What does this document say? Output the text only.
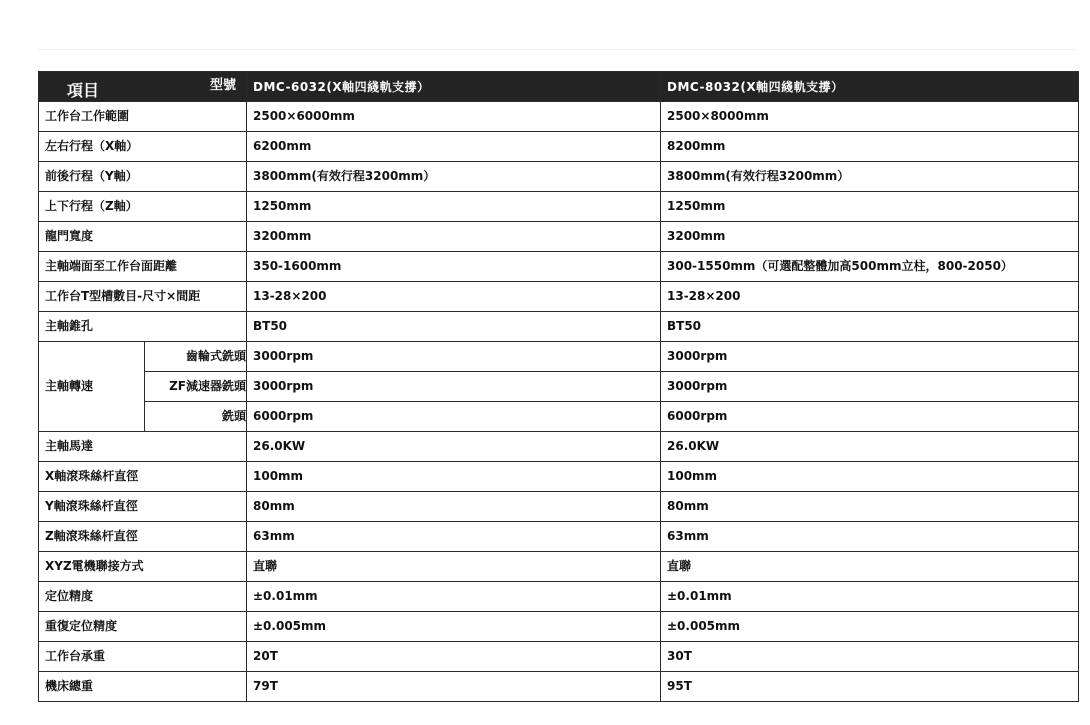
項目 型號		DMC-6032(X軸四綫軌支撐）	DMC-8032(X軸四綫軌支撐）
工作台工作範圍		2500×6000mm	2500×8000mm
左右行程（X軸）		6200mm	8200mm
前後行程（Y軸）		3800mm(有效行程3200mm）	3800mm(有效行程3200mm）
上下行程（Z軸）		1250mm	1250mm
龍門寬度		3200mm	3200mm
主軸端面至工作台面距離		350-1600mm	300-1550mm（可選配整體加高500mm立柱，800-2050）
工作台T型槽數目-尺寸×間距		13-28×200	13-28×200
主軸錐孔		BT50	BT50
主軸轉速	齒輪式銑頭	3000rpm	3000rpm
	ZF減速器銑頭	3000rpm	3000rpm
	銑頭	6000rpm	6000rpm
主軸馬達		26.0KW	26.0KW
X軸滾珠絲杆直徑		100mm	100mm
Y軸滾珠絲杆直徑		80mm	80mm
Z軸滾珠絲杆直徑		63mm	63mm
XYZ電機聯接方式		直聯	直聯
定位精度		±0.01mm	±0.01mm
重復定位精度		±0.005mm	±0.005mm
工作台承重		20T	30T
機床總重		79T	95T
